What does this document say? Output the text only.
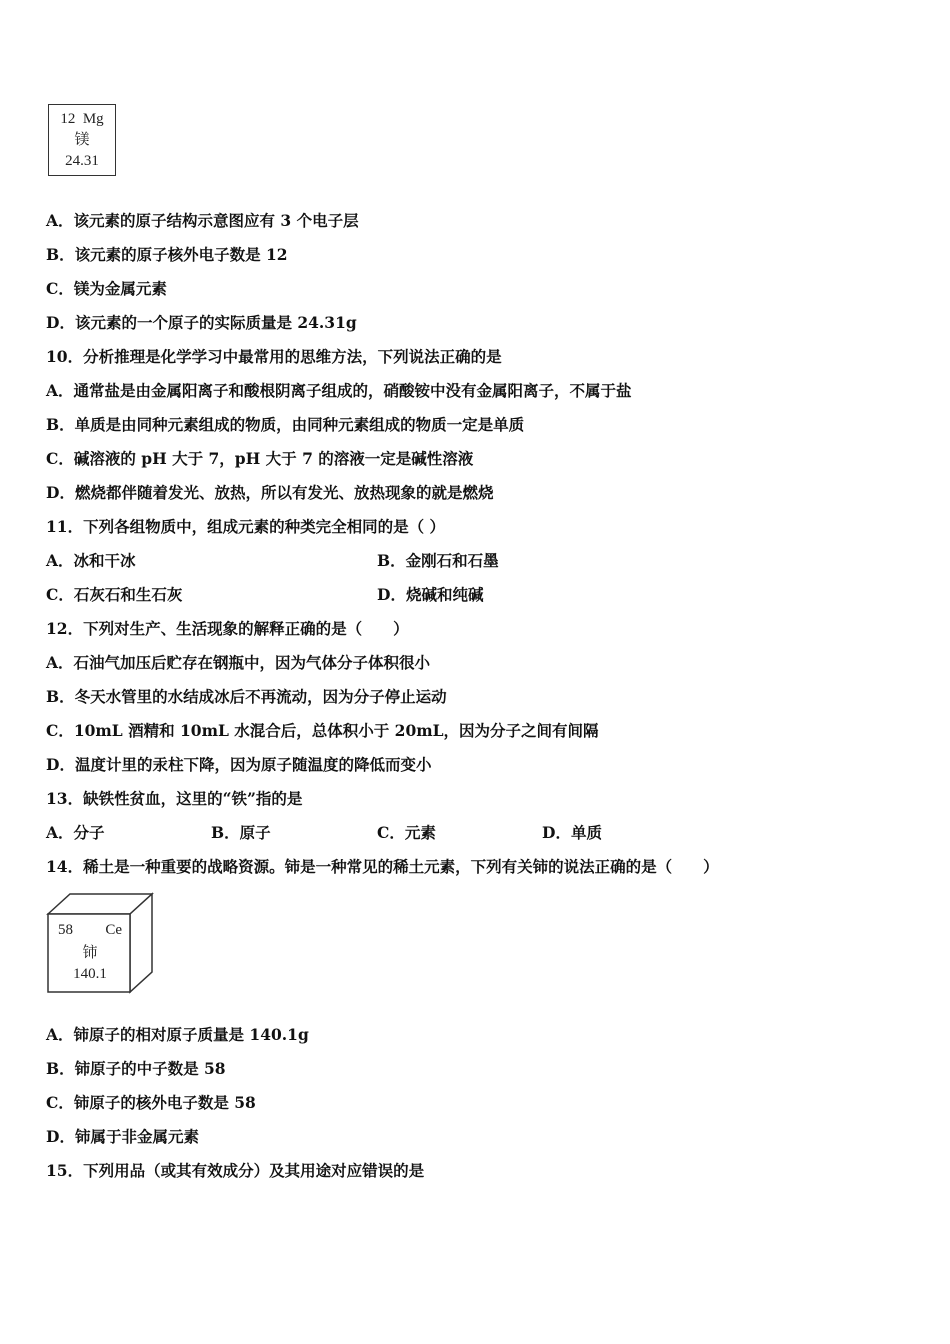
12 Mg
镁
24.31
A．该元素的原子结构示意图应有 3 个电子层
B．该元素的原子核外电子数是 12
C．镁为金属元素
D．该元素的一个原子的实际质量是 24.31g
10．分析推理是化学学习中最常用的思维方法，下列说法正确的是
A．通常盐是由金属阳离子和酸根阴离子组成的，硝酸铵中没有金属阳离子，不属于盐
B．单质是由同种元素组成的物质，由同种元素组成的物质一定是单质
C．碱溶液的 pH 大于 7，pH 大于 7 的溶液一定是碱性溶液
D．燃烧都伴随着发光、放热，所以有发光、放热现象的就是燃烧
11．下列各组物质中，组成元素的种类完全相同的是（ ）
A．冰和干冰	B．金刚石和石墨
C．石灰石和生石灰	D．烧碱和纯碱
12．下列对生产、生活现象的解释正确的是（　　）
A．石油气加压后贮存在钢瓶中，因为气体分子体积很小
B．冬天水管里的水结成冰后不再流动，因为分子停止运动
C．10mL 酒精和 10mL 水混合后，总体积小于 20mL，因为分子之间有间隔
D．温度计里的汞柱下降，因为原子随温度的降低而变小
13．缺铁性贫血，这里的“铁”指的是
A．分子	B．原子	C．元素	D．单质
14．稀土是一种重要的战略资源。铈是一种常见的稀土元素，下列有关铈的说法正确的是（　　）
58 Ce
铈
140.1
A．铈原子的相对原子质量是 140.1g
B．铈原子的中子数是 58
C．铈原子的核外电子数是 58
D．铈属于非金属元素
15．下列用品（或其有效成分）及其用途对应错误的是
